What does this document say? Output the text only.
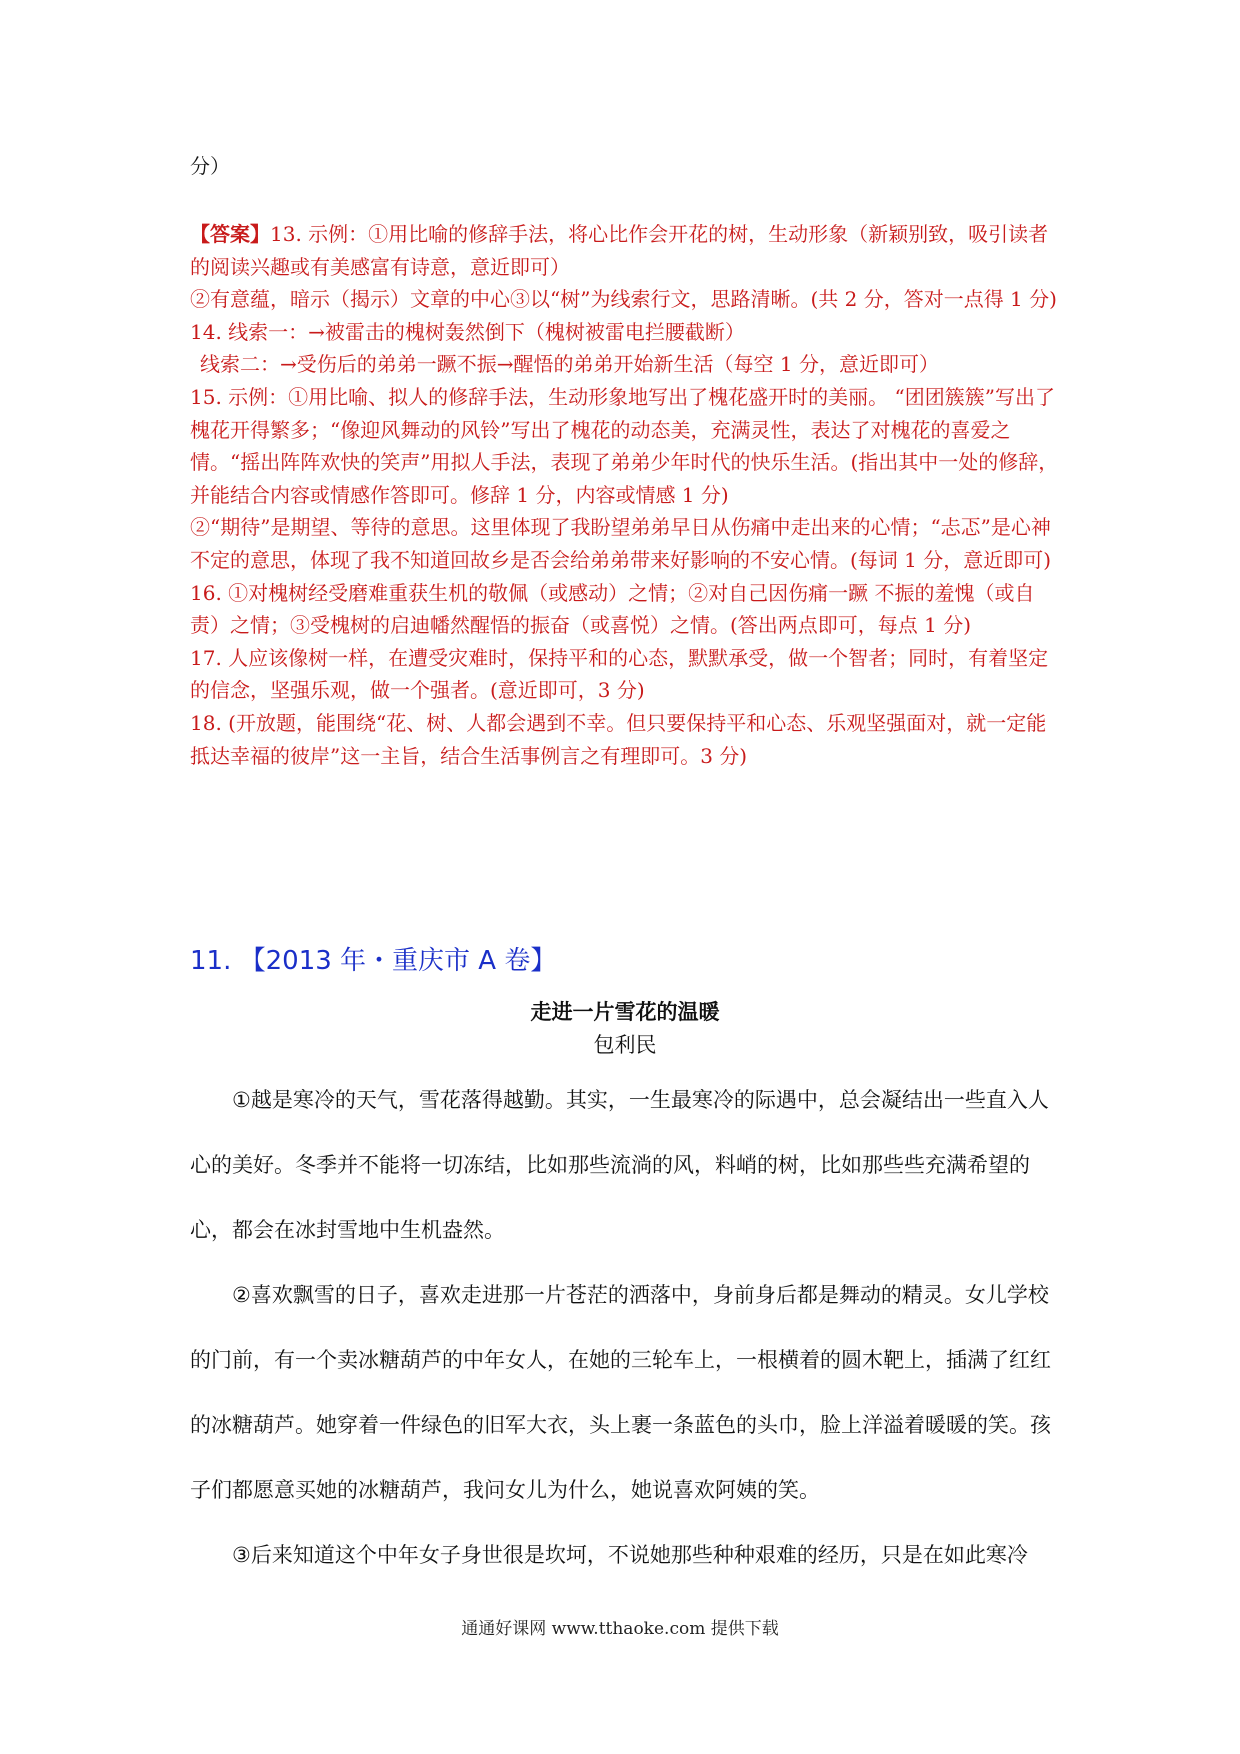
分）

【答案】13. 示例：①用比喻的修辞手法，将心比作会开花的树，生动形象（新颖别致，吸引读者的阅读兴趣或有美感富有诗意，意近即可）

②有意蕴，暗示（揭示）文章的中心③以“树”为线索行文，思路清晰。(共 2 分，答对一点得 1 分)

14. 线索一：→被雷击的槐树轰然倒下（槐树被雷电拦腰截断）

线索二：→受伤后的弟弟一蹶不振→醒悟的弟弟开始新生活（每空 1 分，意近即可）

15. 示例：①用比喻、拟人的修辞手法，生动形象地写出了槐花盛开时的美丽。 “团团簇簇”写出了槐花开得繁多；“像迎风舞动的风铃”写出了槐花的动态美，充满灵性，表达了对槐花的喜爱之情。“摇出阵阵欢快的笑声”用拟人手法，表现了弟弟少年时代的快乐生活。(指出其中一处的修辞，并能结合内容或情感作答即可。修辞 1 分，内容或情感 1 分)

②“期待”是期望、等待的意思。这里体现了我盼望弟弟早日从伤痛中走出来的心情；“忐忑”是心神不定的意思，体现了我不知道回故乡是否会给弟弟带来好影响的不安心情。(每词 1 分，意近即可)

16. ①对槐树经受磨难重获生机的敬佩（或感动）之情；②对自己因伤痛一蹶 不振的羞愧（或自责）之情；③受槐树的启迪幡然醒悟的振奋（或喜悦）之情。(答出两点即可，每点 1 分)

17. 人应该像树一样，在遭受灾难时，保持平和的心态，默默承受，做一个智者；同时，有着坚定的信念，坚强乐观，做一个强者。(意近即可，3 分)

18. (开放题，能围绕“花、树、人都会遇到不幸。但只要保持平和心态、乐观坚强面对，就一定能抵达幸福的彼岸”这一主旨，结合生活事例言之有理即可。3 分)

11. 【2013 年・重庆市 A 卷】
走进一片雪花的温暖
包利民

①越是寒冷的天气，雪花落得越勤。其实，一生最寒冷的际遇中，总会凝结出一些直入人心的美好。冬季并不能将一切冻结，比如那些流淌的风，料峭的树，比如那些些充满希望的心，都会在冰封雪地中生机盎然。

②喜欢飘雪的日子，喜欢走进那一片苍茫的洒落中，身前身后都是舞动的精灵。女儿学校的门前，有一个卖冰糖葫芦的中年女人，在她的三轮车上，一根横着的圆木靶上，插满了红红的冰糖葫芦。她穿着一件绿色的旧军大衣，头上裹一条蓝色的头巾，脸上洋溢着暖暖的笑。孩子们都愿意买她的冰糖葫芦，我问女儿为什么，她说喜欢阿姨的笑。

③后来知道这个中年女子身世很是坎坷，不说她那些种种艰难的经历，只是在如此寒冷

通通好课网 www.tthaoke.com 提供下载
